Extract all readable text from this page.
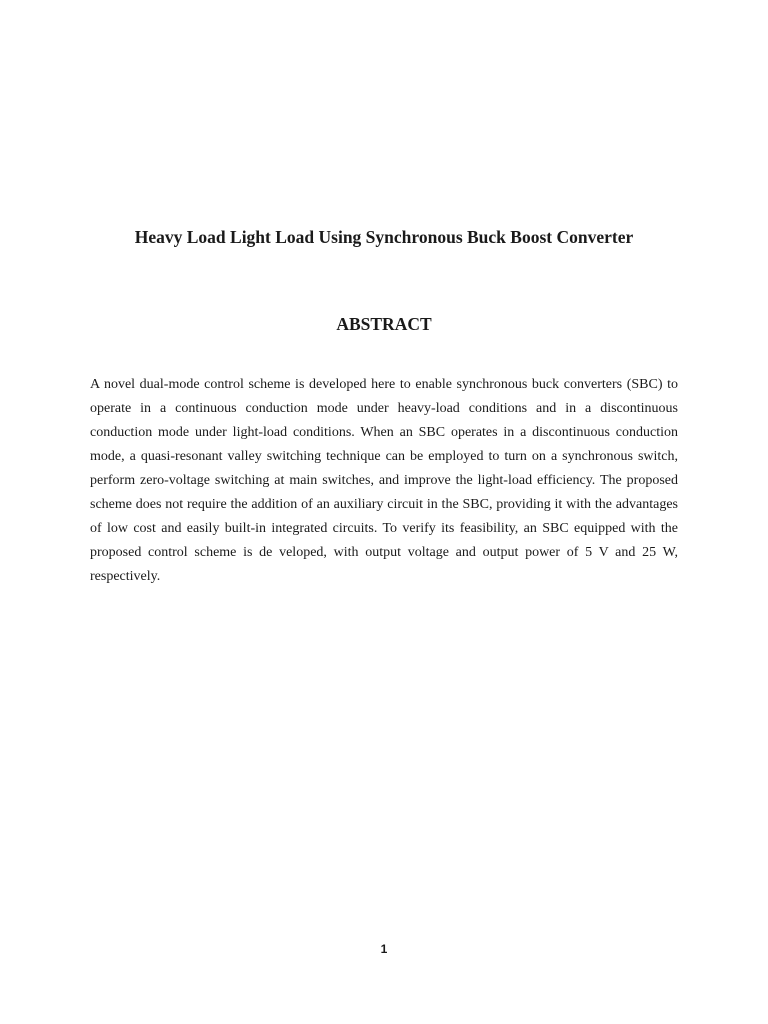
Heavy Load Light Load Using Synchronous Buck Boost Converter
ABSTRACT

A novel dual-mode control scheme is developed here to enable synchronous buck converters (SBC) to operate in a continuous conduction mode under heavy-load conditions and in a discontinuous conduction mode under light-load conditions. When an SBC operates in a discontinuous conduction mode, a quasi-resonant valley switching technique can be employed to turn on a synchronous switch, perform zero-voltage switching at main switches, and improve the light-load efficiency. The proposed scheme does not require the addition of an auxiliary circuit in the SBC, providing it with the advantages of low cost and easily built-in integrated circuits. To verify its feasibility, an SBC equipped with the proposed control scheme is de veloped, with output voltage and output power of 5 V and 25 W, respectively.

1
